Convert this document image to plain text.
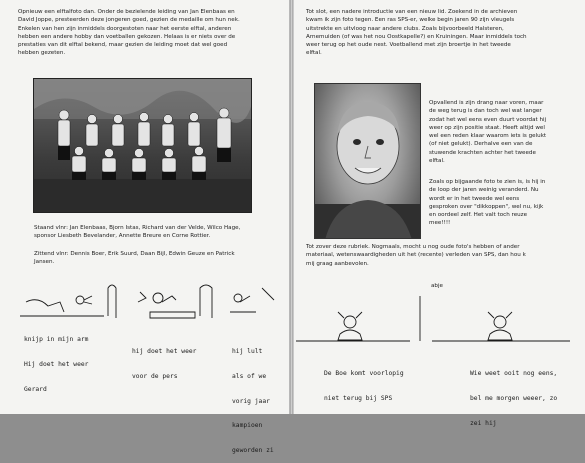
Opnieuw een elftalfoto dan. Onder de bezielende leiding van Jan Elenbaas en
David Joppe, presteerden deze jongeren goed, gezien de medaille om hun nek.
Enkelen van hen zijn inmiddels doorgestoten naar het eerste elftal, anderen
hebben een andere hobby dan voetballen gekozen. Helaas is er niets over de
prestaties van dit elftal bekend, maar gezien de leiding moet dat wel goed
hebben gezeten.
Staand vlnr: Jan Elenbaas, Bjorn Istas, Richard van der Velde, Wilco Hage,
sponsor Liesbeth Bevelander, Annette Breure en Corne Rottier.
Zittend vlnr: Dennis Boer, Erik Suurd, Daan Bijl, Edwin Geuze en Patrick
Jansen.

knijp in mijn arm

Hij doet het weer

Gerard

hij doet het weer

voor de pers

hij lult

als of we

vorig jaar

kampioen

geworden zi

Tot slot, een nadere introductie van een nieuw lid. Zoekend in de archieven
kwam ik zijn foto tegen. Een ras SPS-er, welke begin jaren 90 zijn vleugels
uitstrekte en uitvloog naar andere clubs. Zoals bijvoorbeeld Halsteren,
Arnemuiden (of was het nou Oostkapelle?) en Kruiningen. Maar inmiddels toch
weer terug op het oude nest. Voetballend met zijn broertje in het tweede
elftal.
Opvallend is zijn drang naar voren, maar
de weg terug is dan toch wel wat langer
zodat het wel eens even duurt voordat hij
weer op zijn positie staat. Heeft altijd wel
wel een reden klaar waarom iets is gelukt
(of niet gelukt). Derhalve een van de
stuwende krachten achter het tweede
elftal.
Zoals op bijgaande foto te zien is, is hij in
de loop der jaren weinig veranderd. Nu
wordt er in het tweede wel eens
gesproken over "dikkoppen", wel nu, kijk
en oordeel zelf. Het valt toch reuze
mee!!!!
Tot zover deze rubriek. Nogmaals, mocht u nog oude foto's hebben of ander
materiaal, wetenswaardigheden uit het (recente) verleden van SPS, dan hou k
mij graag aanbevolen.
abje

De Boe komt voorlopig

niet terug bij SPS

Wie weet ooit nog eens,

bel me morgen weeer, zo

zei hij
